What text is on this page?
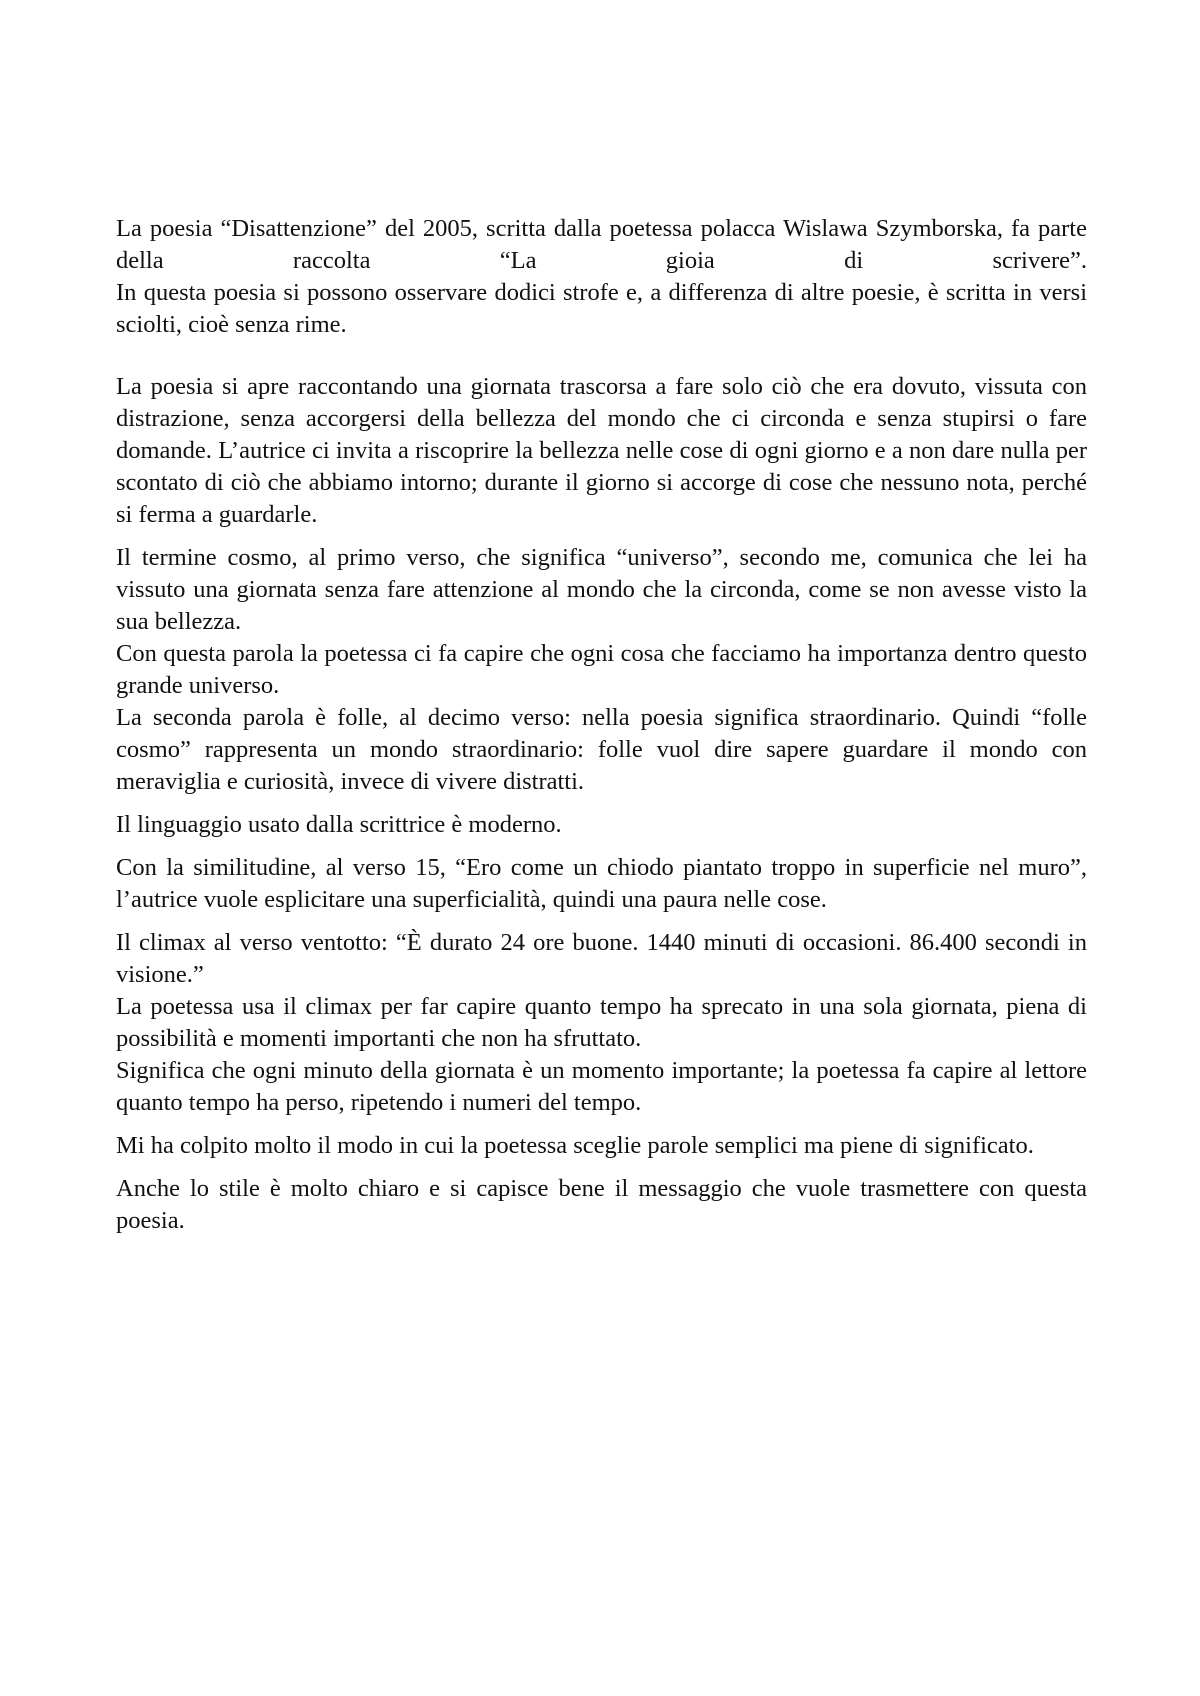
La poesia “Disattenzione” del 2005, scritta dalla poetessa polacca Wislawa Szymborska, fa parte della raccolta “La gioia di scrivere”.

In questa poesia si possono osservare dodici strofe e, a differenza di altre poesie, è scritta in versi sciolti, cioè senza rime.

La poesia si apre raccontando una giornata trascorsa a fare solo ciò che era dovuto, vissuta con distrazione, senza accorgersi della bellezza del mondo che ci circonda e senza stupirsi o fare domande. L’autrice ci invita a riscoprire la bellezza nelle cose di ogni giorno e a non dare nulla per scontato di ciò che abbiamo intorno; durante il giorno si accorge di cose che nessuno nota, perché si ferma a guardarle.

Il termine cosmo, al primo verso, che significa “universo”, secondo me, comunica che lei ha vissuto una giornata senza fare attenzione al mondo che la circonda, come se non avesse visto la sua bellezza.

Con questa parola la poetessa ci fa capire che ogni cosa che facciamo ha importanza dentro questo grande universo.

La seconda parola è folle, al decimo verso: nella poesia significa straordinario. Quindi “folle cosmo” rappresenta un mondo straordinario: folle vuol dire sapere guardare il mondo con meraviglia e curiosità, invece di vivere distratti.

Il linguaggio usato dalla scrittrice è moderno.

Con la similitudine, al verso 15, “Ero come un chiodo piantato troppo in superficie nel muro”, l’autrice vuole esplicitare una superficialità, quindi una paura nelle cose.

Il climax al verso ventotto: “È durato 24 ore buone. 1440 minuti di occasioni. 86.400 secondi in visione.”

La poetessa usa il climax per far capire quanto tempo ha sprecato in una sola giornata, piena di possibilità e momenti importanti che non ha sfruttato.

Significa che ogni minuto della giornata è un momento importante; la poetessa fa capire al lettore quanto tempo ha perso, ripetendo i numeri del tempo.

Mi ha colpito molto il modo in cui la poetessa sceglie parole semplici ma piene di significato.

Anche lo stile è molto chiaro e si capisce bene il messaggio che vuole trasmettere con questa poesia.
